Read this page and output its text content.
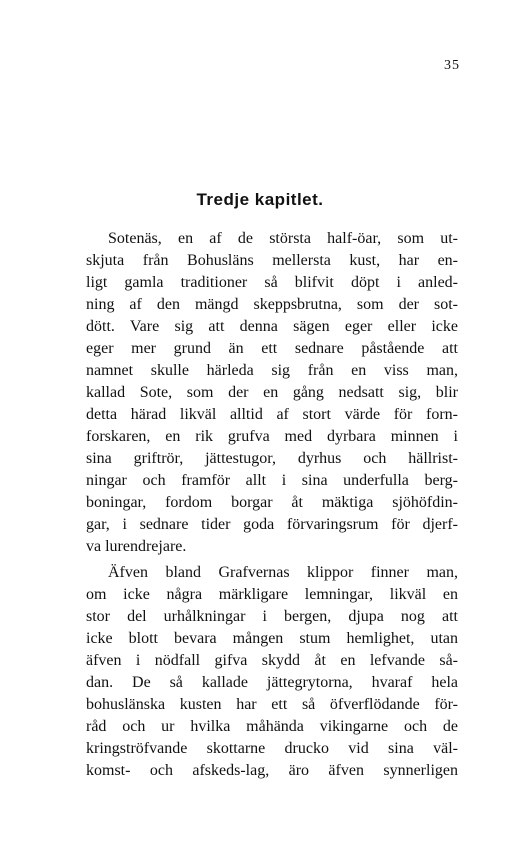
35
Tredje kapitlet.
Sotenäs, en af de största half-öar, som ut-
skjuta från Bohusläns mellersta kust, har en-
ligt gamla traditioner så blifvit döpt i anled-
ning af den mängd skeppsbrutna, som der sot-
dött. Vare sig att denna sägen eger eller icke
eger mer grund än ett sednare påstående att
namnet skulle härleda sig från en viss man,
kallad Sote, som der en gång nedsatt sig, blir
detta härad likväl alltid af stort värde för forn-
forskaren, en rik grufva med dyrbara minnen i
sina griftrör, jättestugor, dyrhus och hällrist-
ningar och framför allt i sina underfulla berg-
boningar, fordom borgar åt mäktiga sjöhöfdin-
gar, i sednare tider goda förvaringsrum för djerf-
va lurendrejare.
Äfven bland Grafvernas klippor finner man,
om icke några märkligare lemningar, likväl en
stor del urhålkningar i bergen, djupa nog att
icke blott bevara mången stum hemlighet, utan
äfven i nödfall gifva skydd åt en lefvande så-
dan. De så kallade jättegrytorna, hvaraf hela
bohuslänska kusten har ett så öfverflödande för-
råd och ur hvilka måhända vikingarne och de
kringströfvande skottarne drucko vid sina väl-
komst- och afskeds-lag, äro äfven synnerligen
